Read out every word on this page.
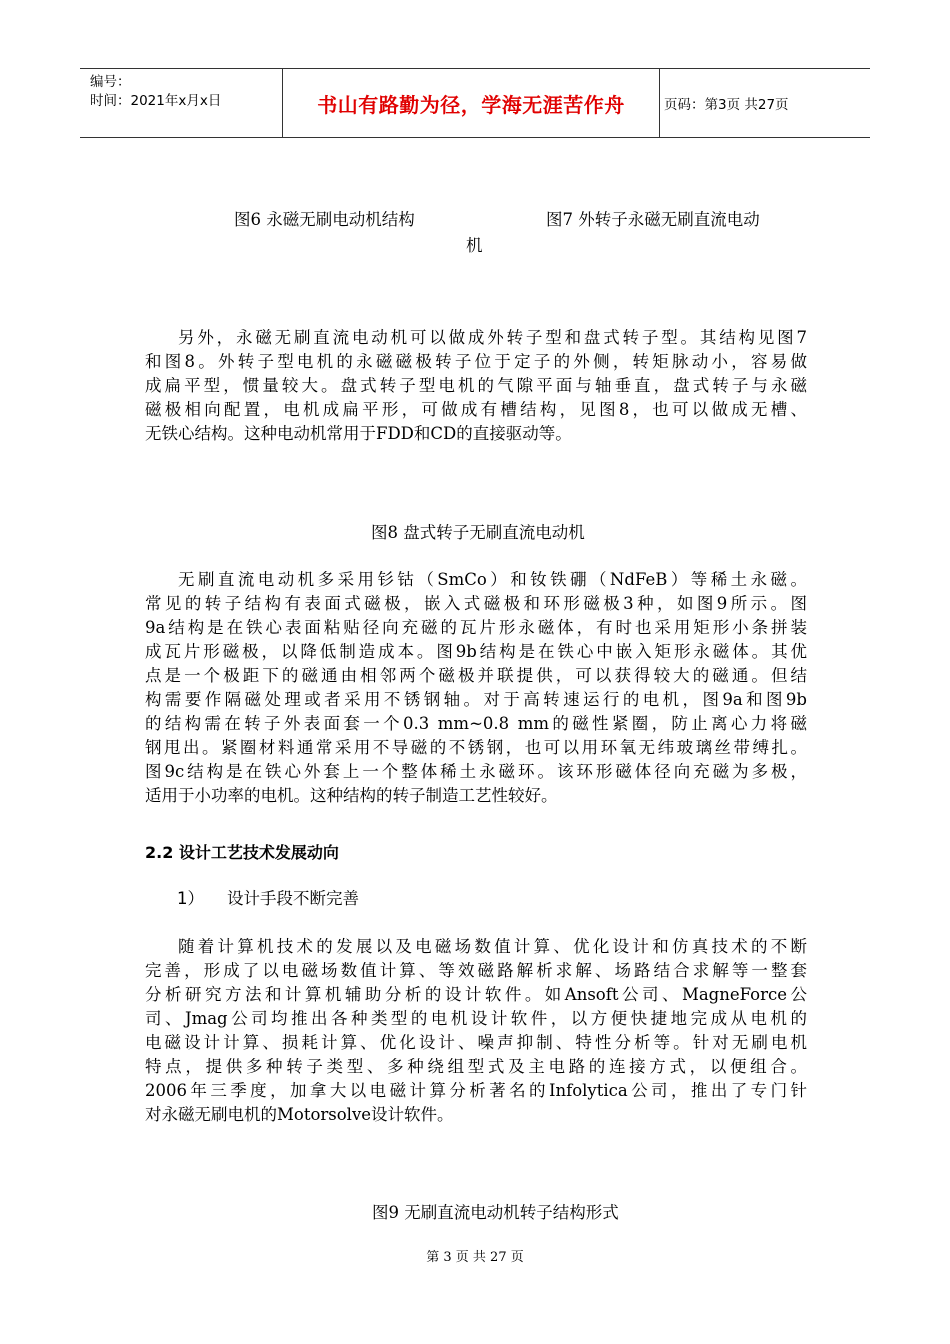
编号：
时间：2021年x月x日	书山有路勤为径，学海无涯苦作舟	页码：第3页 共27页
图6 永磁无刷电动机结构	图7 外转子永磁无刷直流电动
机
另外，永磁无刷直流电动机可以做成外转子型和盘式转子型。其结构见图7
和图8。外转子型电机的永磁磁极转子位于定子的外侧，转矩脉动小，容易做
成扁平型，惯量较大。盘式转子型电机的气隙平面与轴垂直，盘式转子与永磁
磁极相向配置，电机成扁平形，可做成有槽结构，见图8，也可以做成无槽、
无铁心结构。这种电动机常用于FDD和CD的直接驱动等。
图8 盘式转子无刷直流电动机
无刷直流电动机多采用钐钴（SmCo）和钕铁硼（NdFeB）等稀土永磁。
常见的转子结构有表面式磁极，嵌入式磁极和环形磁极3种，如图9所示。图
9a结构是在铁心表面粘贴径向充磁的瓦片形永磁体，有时也采用矩形小条拼装
成瓦片形磁极，以降低制造成本。图9b结构是在铁心中嵌入矩形永磁体。其优
点是一个极距下的磁通由相邻两个磁极并联提供，可以获得较大的磁通。但结
构需要作隔磁处理或者采用不锈钢轴。对于高转速运行的电机，图9a和图9b
的结构需在转子外表面套一个0.3 mm~0.8 mm的磁性紧圈，防止离心力将磁
钢甩出。紧圈材料通常采用不导磁的不锈钢，也可以用环氧无纬玻璃丝带缚扎。
图9c结构是在铁心外套上一个整体稀土永磁环。该环形磁体径向充磁为多极，
适用于小功率的电机。这种结构的转子制造工艺性较好。
2.2 设计工艺技术发展动向
1） 设计手段不断完善
随着计算机技术的发展以及电磁场数值计算、优化设计和仿真技术的不断
完善，形成了以电磁场数值计算、等效磁路解析求解、场路结合求解等一整套
分析研究方法和计算机辅助分析的设计软件。如Ansoft公司、MagneForce公
司、Jmag公司均推出各种类型的电机设计软件，以方便快捷地完成从电机的
电磁设计计算、损耗计算、优化设计、噪声抑制、特性分析等。针对无刷电机
特点，提供多种转子类型、多种绕组型式及主电路的连接方式，以便组合。
2006年三季度，加拿大以电磁计算分析著名的Infolytica公司，推出了专门针
对永磁无刷电机的Motorsolve设计软件。
图9 无刷直流电动机转子结构形式
第 3 页 共 27 页
